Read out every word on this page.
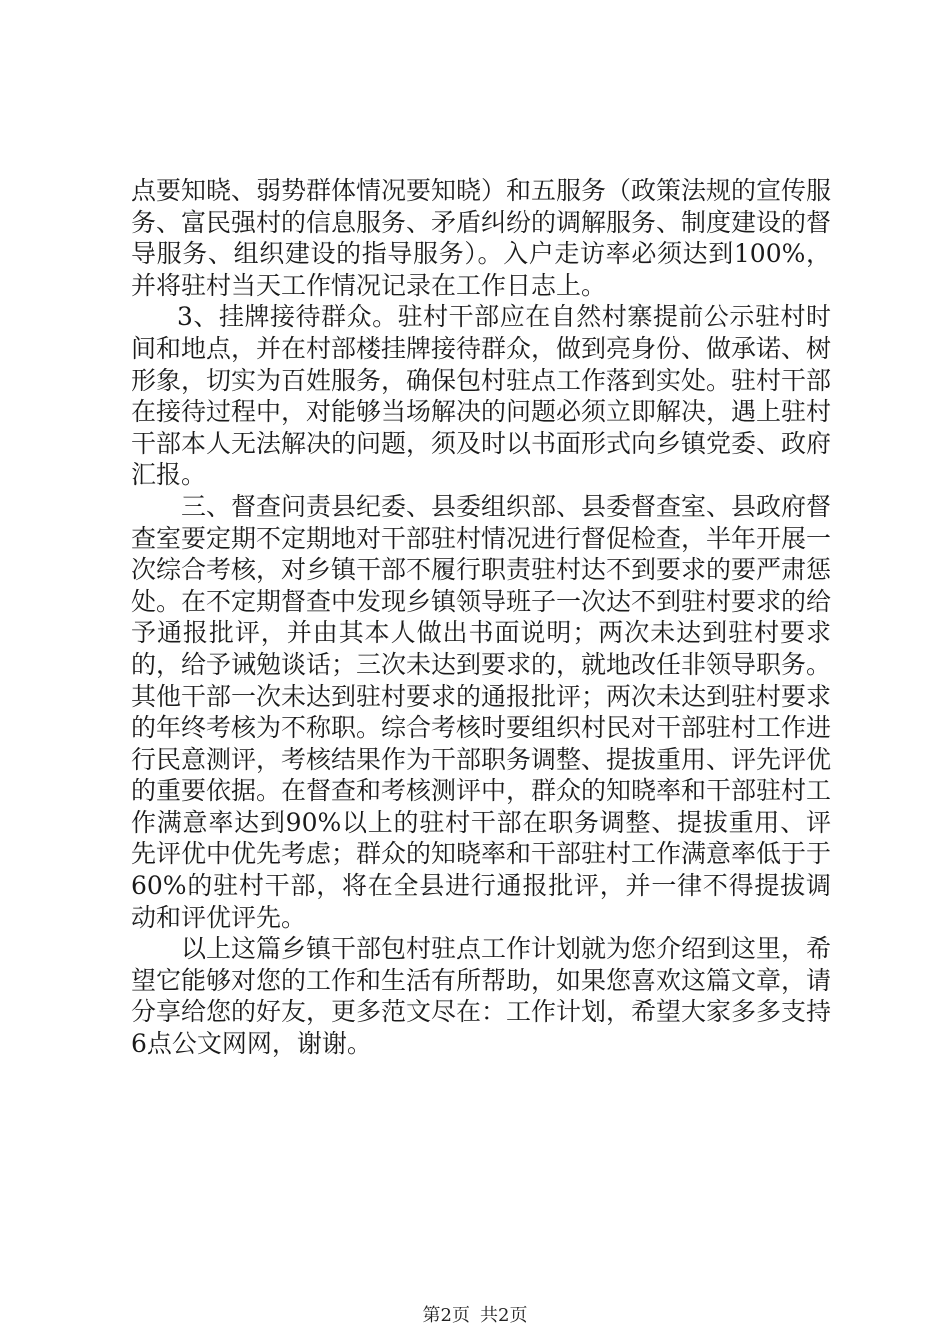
点要知晓、弱势群体情况要知晓）和五服务（政策法规的宣传服务、富民强村的信息服务、矛盾纠纷的调解服务、制度建设的督导服务、组织建设的指导服务）。入户走访率必须达到100%，并将驻村当天工作情况记录在工作日志上。

3、挂牌接待群众。驻村干部应在自然村寨提前公示驻村时间和地点，并在村部楼挂牌接待群众，做到亮身份、做承诺、树形象，切实为百姓服务，确保包村驻点工作落到实处。驻村干部在接待过程中，对能够当场解决的问题必须立即解决，遇上驻村干部本人无法解决的问题，须及时以书面形式向乡镇党委、政府汇报。

三、督查问责县纪委、县委组织部、县委督查室、县政府督查室要定期不定期地对干部驻村情况进行督促检查，半年开展一次综合考核，对乡镇干部不履行职责驻村达不到要求的要严肃惩处。在不定期督查中发现乡镇领导班子一次达不到驻村要求的给予通报批评，并由其本人做出书面说明；两次未达到驻村要求的，给予诫勉谈话；三次未达到要求的，就地改任非领导职务。其他干部一次未达到驻村要求的通报批评；两次未达到驻村要求的年终考核为不称职。综合考核时要组织村民对干部驻村工作进行民意测评，考核结果作为干部职务调整、提拔重用、评先评优的重要依据。在督查和考核测评中，群众的知晓率和干部驻村工作满意率达到90%以上的驻村干部在职务调整、提拔重用、评先评优中优先考虑；群众的知晓率和干部驻村工作满意率低于于60%的驻村干部，将在全县进行通报批评，并一律不得提拔调动和评优评先。

以上这篇乡镇干部包村驻点工作计划就为您介绍到这里，希望它能够对您的工作和生活有所帮助，如果您喜欢这篇文章，请分享给您的好友，更多范文尽在：工作计划，希望大家多多支持6点公文网网，谢谢。

第2页 共2页
